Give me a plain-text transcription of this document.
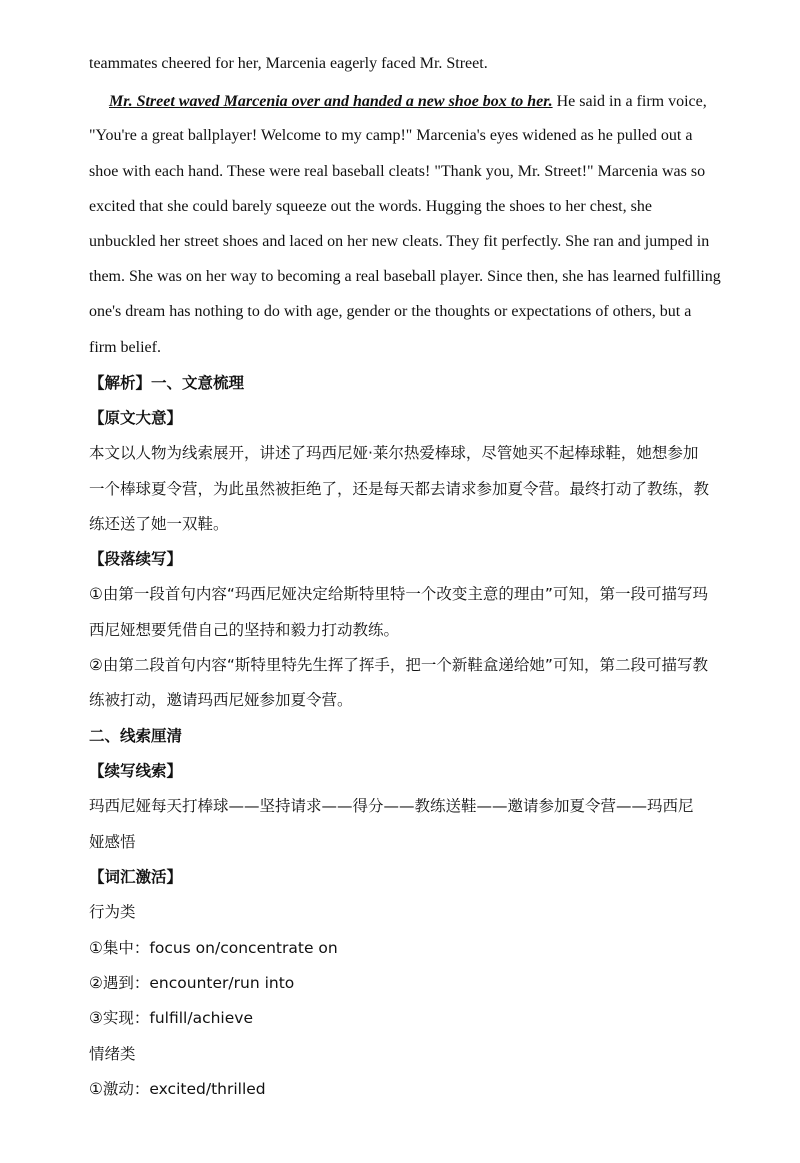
teammates cheered for her, Marcenia eagerly faced Mr. Street.
Mr. Street waved Marcenia over and handed a new shoe box to her. He said in a firm voice,
"You're a great ballplayer! Welcome to my camp!" Marcenia's eyes widened as he pulled out a
shoe with each hand. These were real baseball cleats! "Thank you, Mr. Street!" Marcenia was so
excited that she could barely squeeze out the words. Hugging the shoes to her chest, she
unbuckled her street shoes and laced on her new cleats. They fit perfectly. She ran and jumped in
them. She was on her way to becoming a real baseball player. Since then, she has learned fulfilling
one's dream has nothing to do with age, gender or the thoughts or expectations of others, but a
firm belief.
【解析】一、文意梳理
【原文大意】
本文以人物为线索展开，讲述了玛西尼娅·莱尔热爱棒球，尽管她买不起棒球鞋，她想参加
一个棒球夏令营，为此虽然被拒绝了，还是每天都去请求参加夏令营。最终打动了教练，教
练还送了她一双鞋。
【段落续写】
①由第一段首句内容“玛西尼娅决定给斯特里特一个改变主意的理由”可知，第一段可描写玛
西尼娅想要凭借自己的坚持和毅力打动教练。
②由第二段首句内容“斯特里特先生挥了挥手，把一个新鞋盒递给她”可知，第二段可描写教
练被打动，邀请玛西尼娅参加夏令营。
二、线索厘清
【续写线索】
玛西尼娅每天打棒球——坚持请求——得分——教练送鞋——邀请参加夏令营——玛西尼
娅感悟
【词汇激活】
行为类
①集中：focus on/concentrate on
②遇到：encounter/run into
③实现：fulfill/achieve
情绪类
①激动：excited/thrilled
